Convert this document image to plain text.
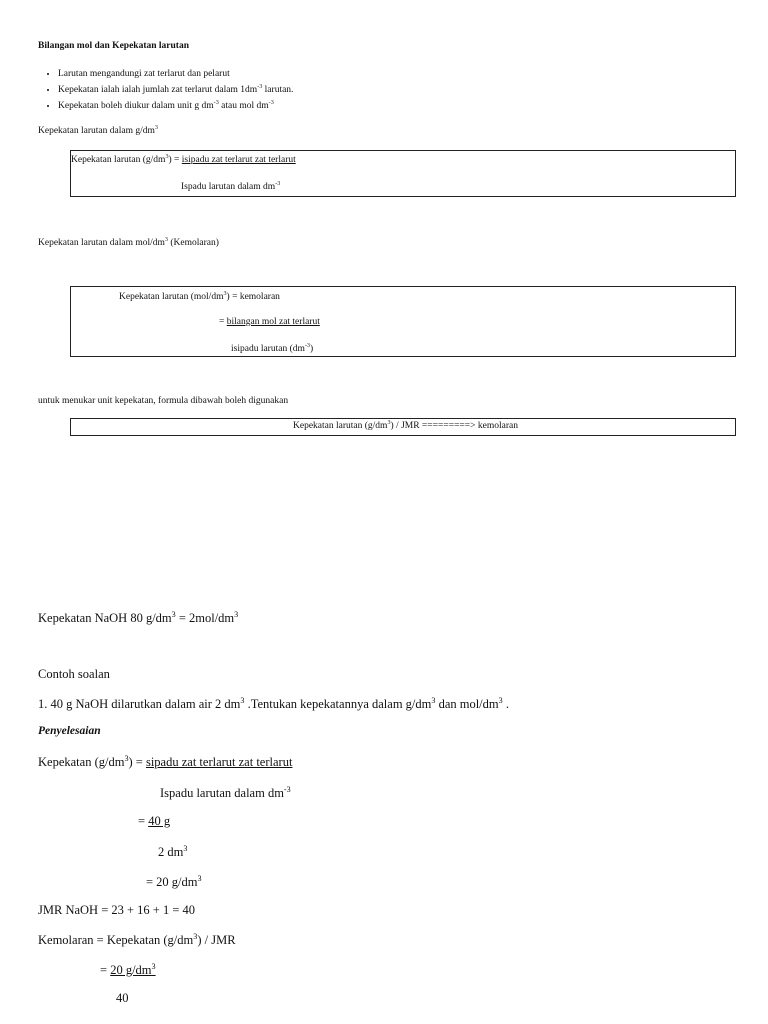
Bilangan mol dan Kepekatan larutan
• Larutan mengandungi zat terlarut dan pelarut
• Kepekatan ialah ialah jumlah zat terlarut dalam $1dm^{-3}$ larutan.
• Kepekatan boleh diukur dalam unit g $dm^{-3}$ atau mol $dm^{-3}$
Kepekatan larutan dalam $g/dm^3$
Kepekatan larutan $(g/dm^3)$ = isipadu zat terlarut zat terlarut
Ispadu larutan dalam $dm^{-3}$
Kepekatan larutan dalam mol/$dm^3$ (Kemolaran)
Kepekatan larutan $(mol/dm^3)$ = kemolaran
= bilangan mol zat terlarut
isipadu larutan $(dm^{-3})$
untuk menukar unit kepekatan, formula dibawah boleh digunakan
Kepekatan larutan $(g/dm^3)$ / JMR =========> kemolaran
Kepekatan NaOH 80 $g/dm^3 = 2mol/dm^3$
Contoh soalan
1. 40 g NaOH dilarutkan dalam air 2 $dm^3$ .Tentukan kepekatannya dalam $g/dm^3$ dan mol/$dm^3$ .
Penyelesaian
Kepekatan $(g/dm^3)$ = sipadu zat terlarut zat terlarut
Ispadu larutan dalam $dm^{-3}$
= 40 g
2 $dm^3$
= 20 $g/dm^3$
JMR NaOH = 23 + 16 + 1 = 40
Kemolaran = Kepekatan $(g/dm^3)$ / JMR
= 20 $g/dm^3$
40
